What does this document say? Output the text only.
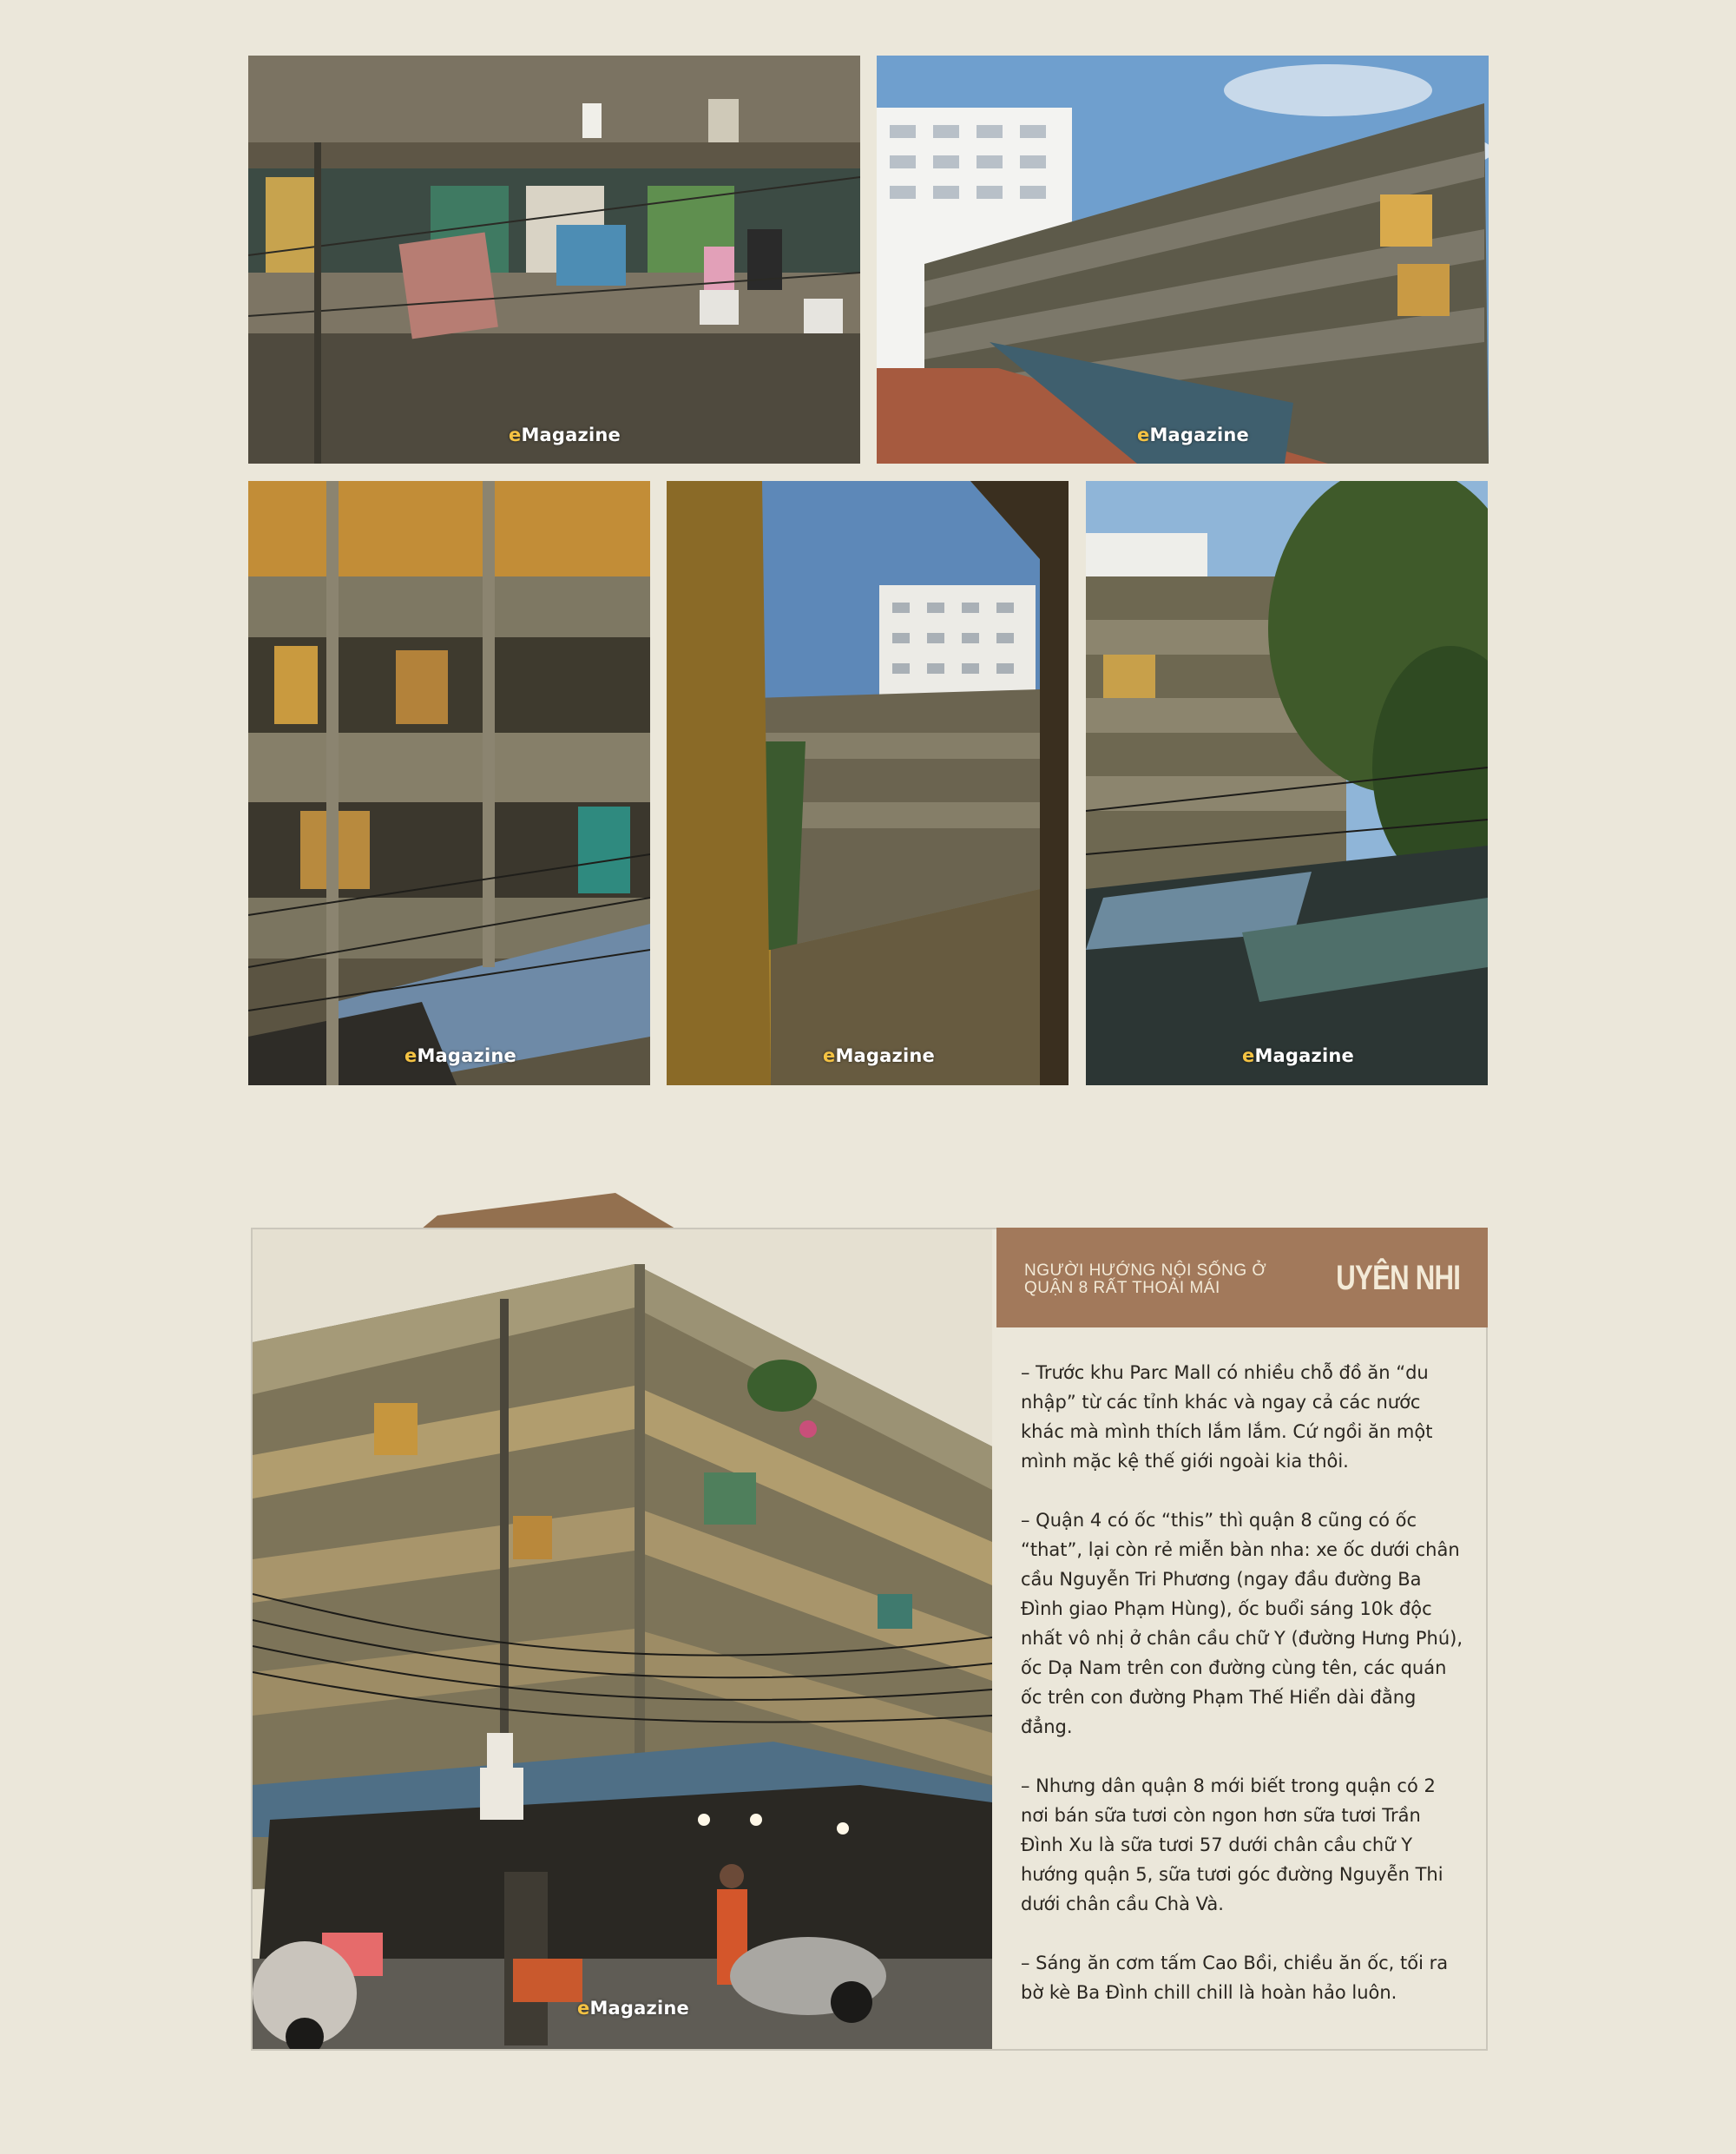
eMagazine	eMagazine
eMagazine	eMagazine	eMagazine
eMagazine
NGƯỜI HƯỚNG NỘI SỐNG Ở QUẬN 8 RẤT THOẢI MÁI	UYÊN NHI

– Trước khu Parc Mall có nhiều chỗ đồ ăn “du nhập” từ các tỉnh khác và ngay cả các nước khác mà mình thích lắm lắm. Cứ ngồi ăn một mình mặc kệ thế giới ngoài kia thôi.

– Quận 4 có ốc “this” thì quận 8 cũng có ốc “that”, lại còn rẻ miễn bàn nha: xe ốc dưới chân cầu Nguyễn Tri Phương (ngay đầu đường Ba Đình giao Phạm Hùng), ốc buổi sáng 10k độc nhất vô nhị ở chân cầu chữ Y (đường Hưng Phú), ốc Dạ Nam trên con đường cùng tên, các quán ốc trên con đường Phạm Thế Hiển dài đằng đẳng.

– Nhưng dân quận 8 mới biết trong quận có 2 nơi bán sữa tươi còn ngon hơn sữa tươi Trần Đình Xu là sữa tươi 57 dưới chân cầu chữ Y hướng quận 5, sữa tươi góc đường Nguyễn Thi dưới chân cầu Chà Và.

– Sáng ăn cơm tấm Cao Bồi, chiều ăn ốc, tối ra bờ kè Ba Đình chill chill là hoàn hảo luôn.
